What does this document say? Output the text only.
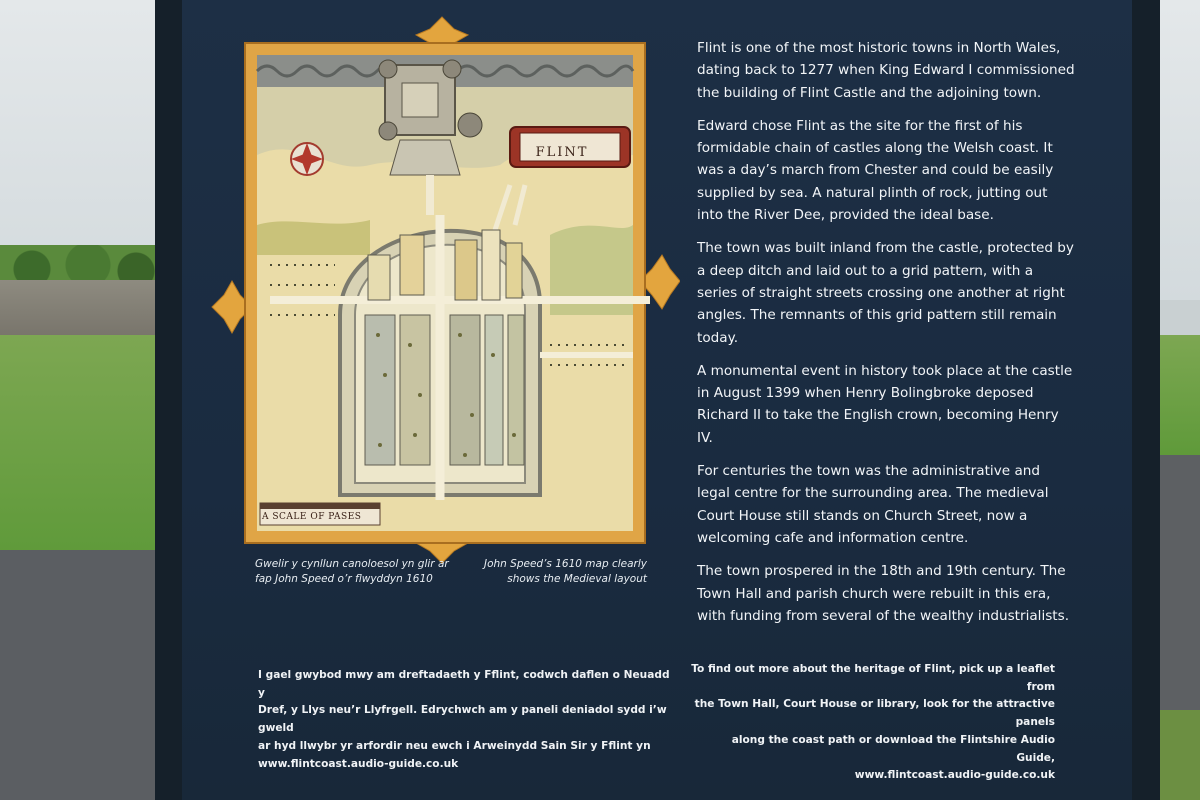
FLINT
A SCALE OF PASES
Gwelir y cynllun canoloesol yn glir ar fap John Speed o’r flwyddyn 1610
John Speed’s 1610 map clearly shows the Medieval layout

Flint is one of the most historic towns in North Wales, dating back to 1277 when King Edward I commissioned the building of Flint Castle and the adjoining town.

Edward chose Flint as the site for the first of his formidable chain of castles along the Welsh coast. It was a day’s march from Chester and could be easily supplied by sea. A natural plinth of rock, jutting out into the River Dee, provided the ideal base.

The town was built inland from the castle, protected by a deep ditch and laid out to a grid pattern, with a series of straight streets crossing one another at right angles. The remnants of this grid pattern still remain today.

A monumental event in history took place at the castle in August 1399 when Henry Bolingbroke deposed Richard II to take the English crown, becoming Henry IV.

For centuries the town was the administrative and legal centre for the surrounding area. The medieval Court House still stands on Church Street, now a welcoming cafe and information centre.

The town prospered in the 18th and 19th century. The Town Hall and parish church were rebuilt in this era, with funding from several of the wealthy industrialists.

I gael gwybod mwy am dreftadaeth y Fflint, codwch daflen o Neuadd y
Dref, y Llys neu’r Llyfrgell. Edrychwch am y paneli deniadol sydd i’w gweld
ar hyd llwybr yr arfordir neu ewch i Arweinydd Sain Sir y Fflint yn
www.flintcoast.audio-guide.co.uk
To find out more about the heritage of Flint, pick up a leaflet from
the Town Hall, Court House or library, look for the attractive panels
along the coast path or download the Flintshire Audio Guide,
www.flintcoast.audio-guide.co.uk
